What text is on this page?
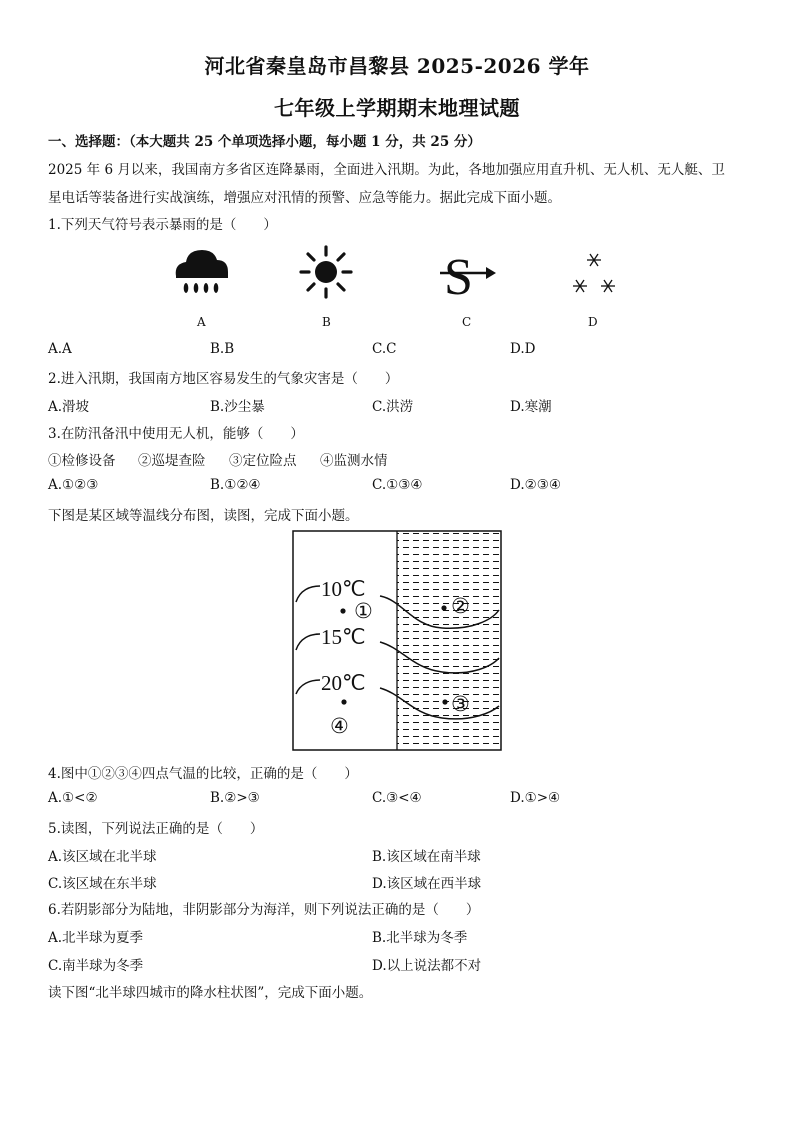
河北省秦皇岛市昌黎县 2025-2026 学年
七年级上学期期末地理试题
一、选择题：（本大题共 25 个单项选择小题，每小题 1 分，共 25 分）
2025 年 6 月以来，我国南方多省区连降暴雨，全面进入汛期。为此，各地加强应用直升机、无人机、无人艇、卫
星电话等装备进行实战演练，增强应对汛情的预警、应急等能力。据此完成下面小题。
1.下列天气符号表示暴雨的是（　　）
S
A	B	C	D
A.A	B.B	C.C	D.D
2.进入汛期，我国南方地区容易发生的气象灾害是（　　）
A.滑坡	B.沙尘暴	C.洪涝	D.寒潮
3.在防汛备汛中使用无人机，能够（　　）
①检修设备 ②巡堤查险 ③定位险点 ④监测水情
A.①②③	B.①②④	C.①③④	D.②③④
下图是某区域等温线分布图，读图，完成下面小题。
10℃
15℃
20℃
①	②
③
④
4.图中①②③④四点气温的比较，正确的是（　　）
A.①<②	B.②>③	C.③<④	D.①>④
5.读图，下列说法正确的是（　　）
A.该区域在北半球	B.该区域在南半球
C.该区域在东半球	D.该区域在西半球
6.若阴影部分为陆地，非阴影部分为海洋，则下列说法正确的是（　　）
A.北半球为夏季	B.北半球为冬季
C.南半球为冬季	D.以上说法都不对
读下图“北半球四城市的降水柱状图”，完成下面小题。
